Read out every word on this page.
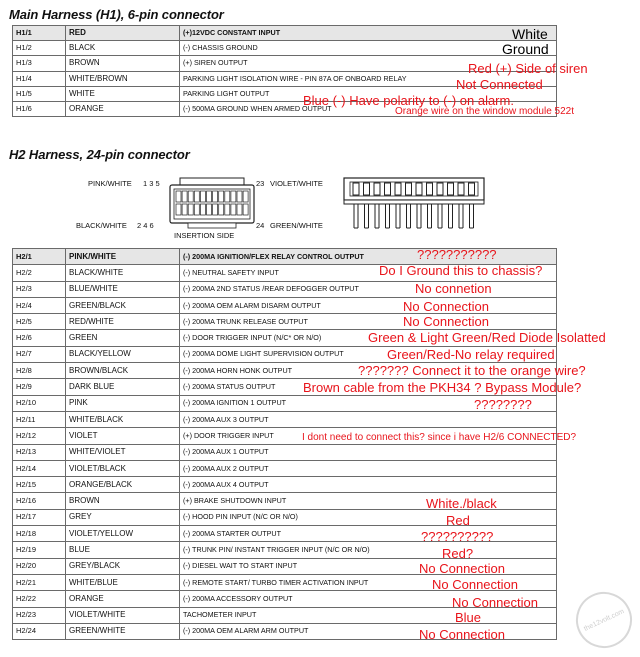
Main Harness (H1), 6-pin connector
H1/1	RED	(+)12VDC CONSTANT INPUT
H1/2	BLACK	(-) CHASSIS GROUND
H1/3	BROWN	(+) SIREN OUTPUT
H1/4	WHITE/BROWN	PARKING LIGHT ISOLATION WIRE - PIN 87A OF ONBOARD RELAY
H1/5	WHITE	PARKING LIGHT OUTPUT
H1/6	ORANGE	(-) 500MA GROUND WHEN ARMED OUTPUT
White
Ground
Red (+) Side of siren
Not Connected
Blue (-) Have polarity to (-) on alarm.
Orange wire on the window module 522t
H2 Harness, 24-pin connector
PINK/WHITE 1 3 5	23 VIOLET/WHITE
BLACK/WHITE 2 4 6	24 GREEN/WHITE
INSERTION SIDE
H2/1	PINK/WHITE	(-) 200MA IGNITION/FLEX RELAY CONTROL OUTPUT
H2/2	BLACK/WHITE	(-) NEUTRAL SAFETY INPUT
H2/3	BLUE/WHITE	(-) 200MA 2ND STATUS /REAR DEFOGGER OUTPUT
H2/4	GREEN/BLACK	(-) 200MA OEM ALARM DISARM OUTPUT
H2/5	RED/WHITE	(-) 200MA TRUNK RELEASE OUTPUT
H2/6	GREEN	(-) DOOR TRIGGER INPUT (N/C* OR N/O)
H2/7	BLACK/YELLOW	(-) 200MA DOME LIGHT SUPERVISION OUTPUT
H2/8	BROWN/BLACK	(-) 200MA HORN HONK OUTPUT
H2/9	DARK BLUE	(-) 200MA STATUS OUTPUT
H2/10	PINK	(-) 200MA IGNITION 1 OUTPUT
H2/11	WHITE/BLACK	(-) 200MA AUX 3 OUTPUT
H2/12	VIOLET	(+) DOOR TRIGGER INPUT
H2/13	WHITE/VIOLET	(-) 200MA AUX 1 OUTPUT
H2/14	VIOLET/BLACK	(-) 200MA AUX 2 OUTPUT
H2/15	ORANGE/BLACK	(-) 200MA AUX 4 OUTPUT
H2/16	BROWN	(+) BRAKE SHUTDOWN INPUT
H2/17	GREY	(-) HOOD PIN INPUT (N/C OR N/O)
H2/18	VIOLET/YELLOW	(-) 200MA STARTER OUTPUT
H2/19	BLUE	(-) TRUNK PIN/ INSTANT TRIGGER INPUT (N/C OR N/O)
H2/20	GREY/BLACK	(-) DIESEL WAIT TO START INPUT
H2/21	WHITE/BLUE	(-) REMOTE START/ TURBO TIMER ACTIVATION INPUT
H2/22	ORANGE	(-) 200MA ACCESSORY OUTPUT
H2/23	VIOLET/WHITE	TACHOMETER INPUT
H2/24	GREEN/WHITE	(-) 200MA OEM ALARM ARM OUTPUT
???????????
Do I Ground this to chassis?
No connetion
No Connection
No Connection
Green & Light Green/Red Diode Isolatted
Green/Red-No relay required
??????? Connect it to the orange wire?
Brown cable from the PKH34 ? Bypass Module?
????????
I dont need to connect this? since i have H2/6 CONNECTED?
White./black
Red
??????????
Red?
No Connection
No Connection
No Connection
Blue
No Connection
the12volt.com
